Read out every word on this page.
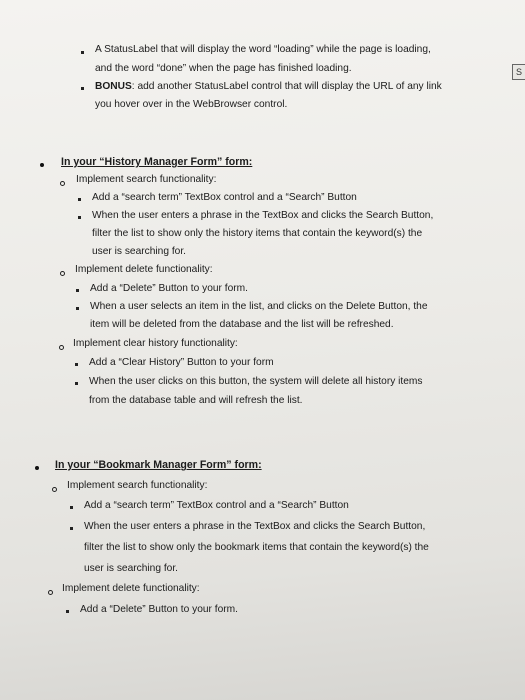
S
A StatusLabel that will display the word “loading” while the page is loading,
and the word “done” when the page has finished loading.
BONUS: add another StatusLabel control that will display the URL of any link
you hover over in the WebBrowser control.
In your “History Manager Form” form:
Implement search functionality:
Add a “search term” TextBox control and a “Search” Button
When the user enters a phrase in the TextBox and clicks the Search Button,
filter the list to show only the history items that contain the keyword(s) the
user is searching for.
Implement delete functionality:
Add a “Delete” Button to your form.
When a user selects an item in the list, and clicks on the Delete Button, the
item will be deleted from the database and the list will be refreshed.
Implement clear history functionality:
Add a “Clear History” Button to your form
When the user clicks on this button, the system will delete all history items
from the database table and will refresh the list.
In your “Bookmark Manager Form” form:
Implement search functionality:
Add a “search term” TextBox control and a “Search” Button
When the user enters a phrase in the TextBox and clicks the Search Button,
filter the list to show only the bookmark items that contain the keyword(s) the
user is searching for.
Implement delete functionality:
Add a “Delete” Button to your form.
